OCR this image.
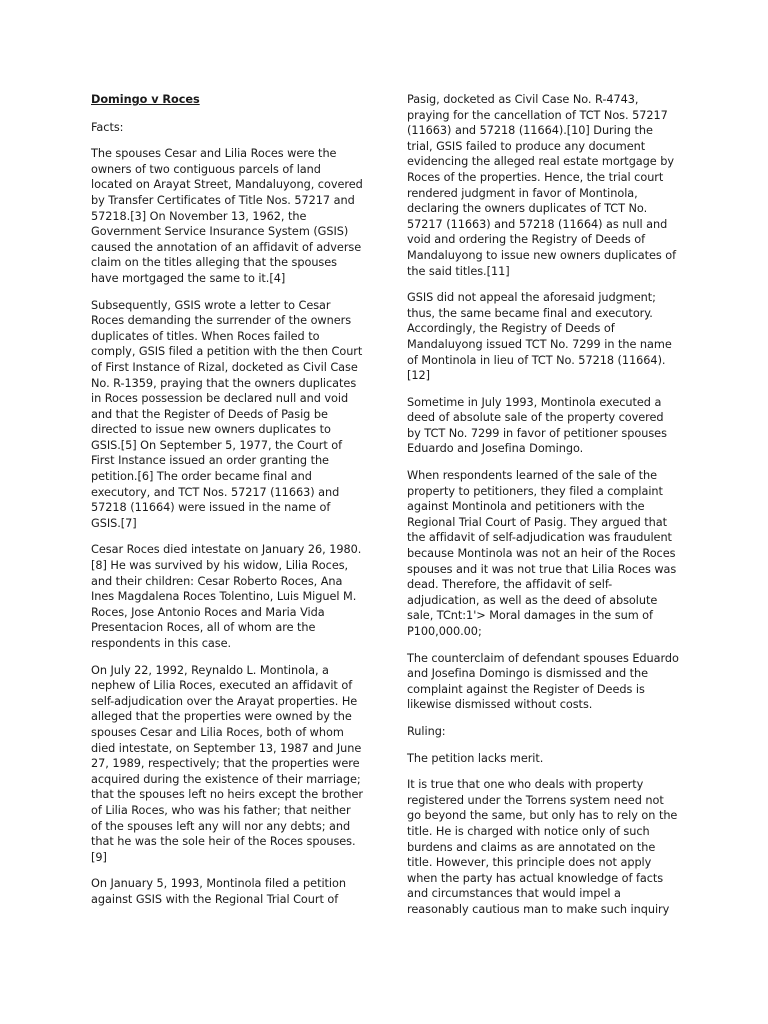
Domingo v Roces

Facts:

The spouses Cesar and Lilia Roces were the owners of two contiguous parcels of land located on Arayat Street, Mandaluyong, covered by Transfer Certificates of Title Nos. 57217 and 57218.[3] On November 13, 1962, the Government Service Insurance System (GSIS) caused the annotation of an affidavit of adverse claim on the titles alleging that the spouses have mortgaged the same to it.[4]

Subsequently, GSIS wrote a letter to Cesar Roces demanding the surrender of the owners duplicates of titles. When Roces failed to comply, GSIS filed a petition with the then Court of First Instance of Rizal, docketed as Civil Case No. R-1359, praying that the owners duplicates in Roces possession be declared null and void and that the Register of Deeds of Pasig be directed to issue new owners duplicates to GSIS.[5] On September 5, 1977, the Court of First Instance issued an order granting the petition.[6] The order became final and executory, and TCT Nos. 57217 (11663) and 57218 (11664) were issued in the name of GSIS.[7]

Cesar Roces died intestate on January 26, 1980.[8] He was survived by his widow, Lilia Roces, and their children: Cesar Roberto Roces, Ana Ines Magdalena Roces Tolentino, Luis Miguel M. Roces, Jose Antonio Roces and Maria Vida Presentacion Roces, all of whom are the respondents in this case.

On July 22, 1992, Reynaldo L. Montinola, a nephew of Lilia Roces, executed an affidavit of self-adjudication over the Arayat properties. He alleged that the properties were owned by the spouses Cesar and Lilia Roces, both of whom died intestate, on September 13, 1987 and June 27, 1989, respectively; that the properties were acquired during the existence of their marriage; that the spouses left no heirs except the brother of Lilia Roces, who was his father; that neither of the spouses left any will nor any debts; and that he was the sole heir of the Roces spouses.[9]

On January 5, 1993, Montinola filed a petition against GSIS with the Regional Trial Court of

Pasig, docketed as Civil Case No. R-4743, praying for the cancellation of TCT Nos. 57217 (11663) and 57218 (11664).[10] During the trial, GSIS failed to produce any document evidencing the alleged real estate mortgage by Roces of the properties. Hence, the trial court rendered judgment in favor of Montinola, declaring the owners duplicates of TCT No. 57217 (11663) and 57218 (11664) as null and void and ordering the Registry of Deeds of Mandaluyong to issue new owners duplicates of the said titles.[11]

GSIS did not appeal the aforesaid judgment; thus, the same became final and executory. Accordingly, the Registry of Deeds of Mandaluyong issued TCT No. 7299 in the name of Montinola in lieu of TCT No. 57218 (11664).[12]

Sometime in July 1993, Montinola executed a deed of absolute sale of the property covered by TCT No. 7299 in favor of petitioner spouses Eduardo and Josefina Domingo.

When respondents learned of the sale of the property to petitioners, they filed a complaint against Montinola and petitioners with the Regional Trial Court of Pasig. They argued that the affidavit of self-adjudication was fraudulent because Montinola was not an heir of the Roces spouses and it was not true that Lilia Roces was dead. Therefore, the affidavit of self-adjudication, as well as the deed of absolute sale, TCnt:1'> Moral damages in the sum of P100,000.00;

The counterclaim of defendant spouses Eduardo and Josefina Domingo is dismissed and the complaint against the Register of Deeds is likewise dismissed without costs.

Ruling:

The petition lacks merit.

It is true that one who deals with property registered under the Torrens system need not go beyond the same, but only has to rely on the title. He is charged with notice only of such burdens and claims as are annotated on the title. However, this principle does not apply when the party has actual knowledge of facts and circumstances that would impel a reasonably cautious man to make such inquiry
